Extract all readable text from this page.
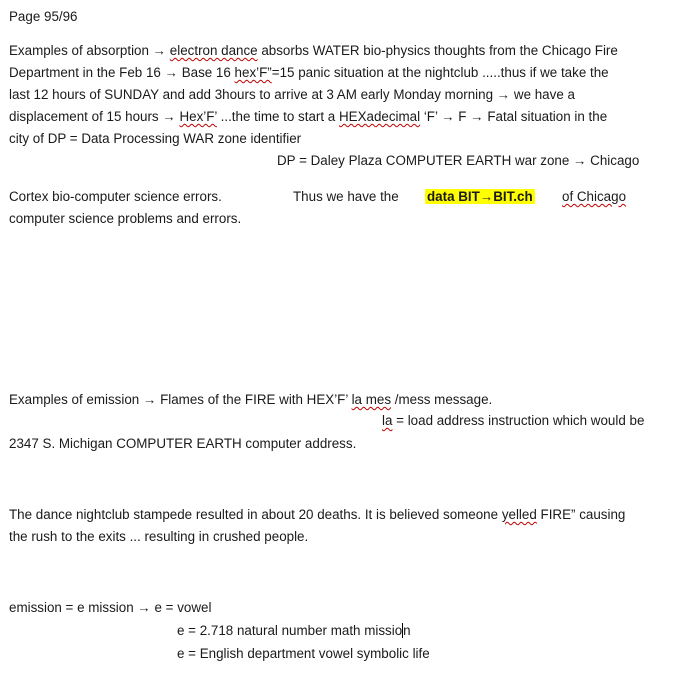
Page 95/96
Examples of absorption → electron dance absorbs WATER bio-physics thoughts from the Chicago Fire
Department in the Feb 16 → Base 16 hex’F”=15 panic situation at the nightclub .....thus if we take the
last 12 hours of SUNDAY and add 3hours to arrive at 3 AM early Monday morning → we have a
displacement of 15 hours → Hex’F’ ...the time to start a HEXadecimal ‘F’ → F → Fatal situation in the
city of DP = Data Processing WAR zone identifier
DP = Daley Plaza COMPUTER EARTH war zone → Chicago
Cortex bio-computer science errors.	Thus we have the data BIT→BIT.ch of Chicago
computer science problems and errors.
Examples of emission → Flames of the FIRE with HEX’F’ la mes /mess message.
la = load address instruction which would be
2347 S. Michigan COMPUTER EARTH computer address.
The dance nightclub stampede resulted in about 20 deaths. It is believed someone yelled FIRE” causing
the rush to the exits ... resulting in crushed people.
emission = e mission → e = vowel
e = 2.718 natural number math mission
e = English department vowel symbolic life
